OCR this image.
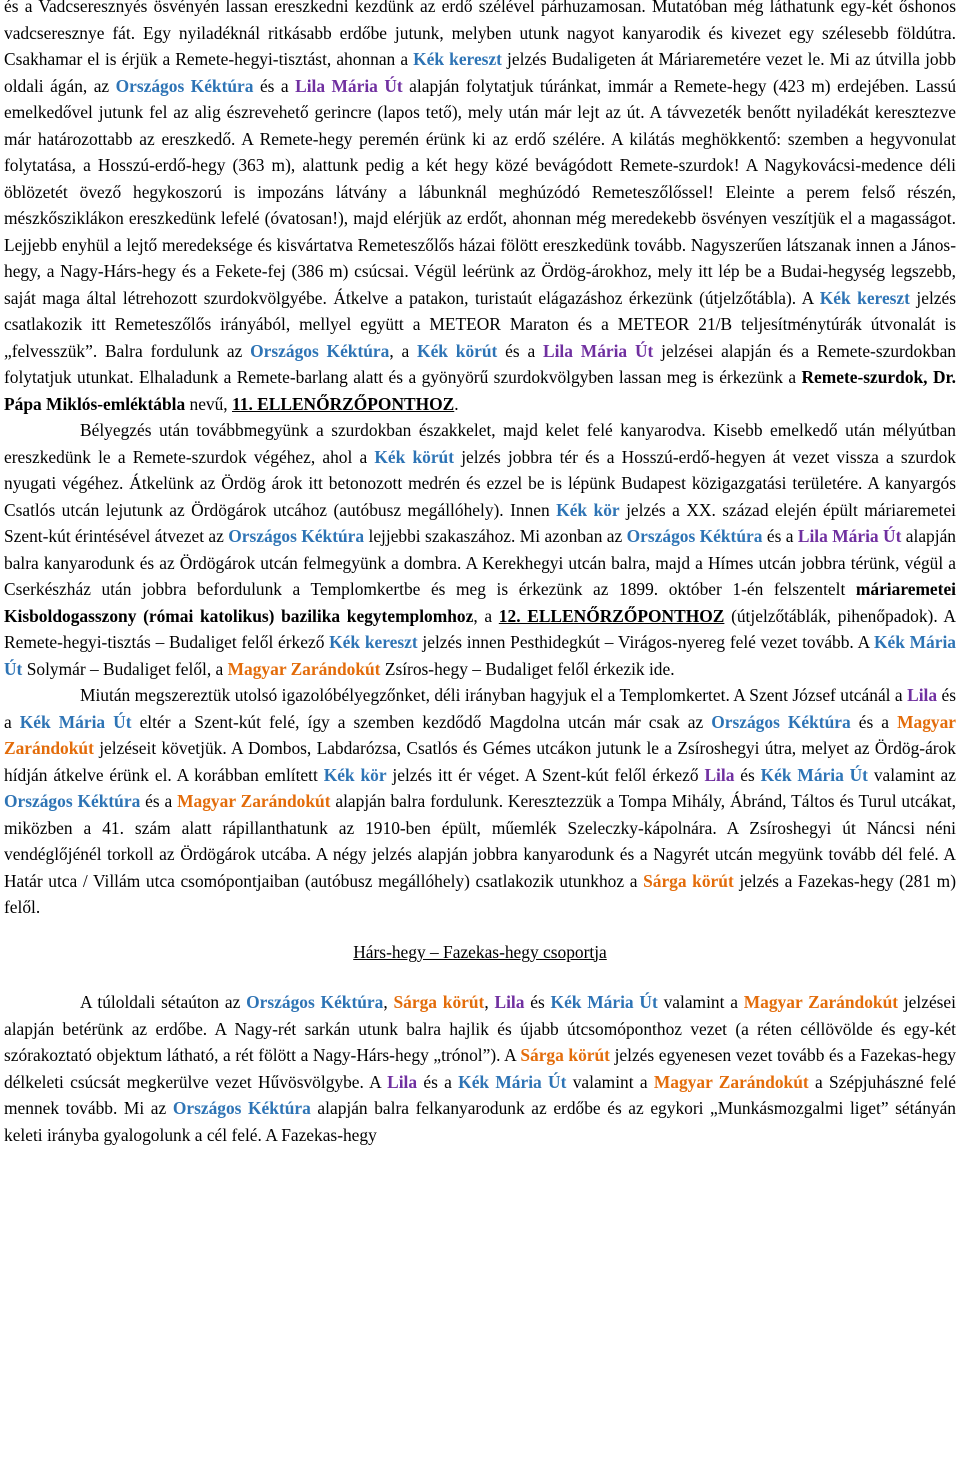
és a Vadcseresznyés ösvényén lassan ereszkedni kezdünk az erdő szélével párhuzamosan. Mutatóban még láthatunk egy-két őshonos vadcseresznye fát. Egy nyiladéknál ritkásabb erdőbe jutunk, melyben utunk nagyot kanyarodik és kivezet egy szélesebb földútra. Csakhamar el is érjük a Remete-hegyi-tisztást, ahonnan a Kék kereszt jelzés Budaligeten át Máriaremetére vezet le. Mi az útvilla jobb oldali ágán, az Országos Kéktúra és a Lila Mária Út alapján folytatjuk túránkat, immár a Remete-hegy (423 m) erdejében. Lassú emelkedővel jutunk fel az alig észrevehető gerincre (lapos tető), mely után már lejt az út. A távvezeték benőtt nyiladékát keresztezve már határozottabb az ereszkedő. A Remete-hegy peremén érünk ki az erdő szélére. A kilátás meghökkentő: szemben a hegyvonulat folytatása, a Hosszú-erdő-hegy (363 m), alattunk pedig a két hegy közé bevágódott Remete-szurdok! A Nagykovácsi-medence déli öblözetét övező hegykoszorú is impozáns látvány a lábunknál meghúzódó Remeteszőlőssel! Eleinte a perem felső részén, mészkősziklákon ereszkedünk lefelé (óvatosan!), majd elérjük az erdőt, ahonnan még meredekebb ösvényen veszítjük el a magasságot. Lejjebb enyhül a lejtő meredeksége és kisvártatva Remeteszőlős házai fölött ereszkedünk tovább. Nagyszerűen látszanak innen a János-hegy, a Nagy-Hárs-hegy és a Fekete-fej (386 m) csúcsai. Végül leérünk az Ördög-árokhoz, mely itt lép be a Budai-hegység legszebb, saját maga által létrehozott szurdokvölgyébe. Átkelve a patakon, turistaút elágazáshoz érkezünk (útjelzőtábla). A Kék kereszt jelzés csatlakozik itt Remeteszőlős irányából, mellyel együtt a METEOR Maraton és a METEOR 21/B teljesítménytúrák útvonalát is „felvesszük”. Balra fordulunk az Országos Kéktúra, a Kék körút és a Lila Mária Út jelzései alapján és a Remete-szurdokban folytatjuk utunkat. Elhaladunk a Remete-barlang alatt és a gyönyörű szurdokvölgyben lassan meg is érkezünk a Remete-szurdok, Dr. Pápa Miklós-emléktábla nevű, 11. ELLENŐRZŐPONTHOZ.

Bélyegzés után továbbmegyünk a szurdokban északkelet, majd kelet felé kanyarodva. Kisebb emelkedő után mélyútban ereszkedünk le a Remete-szurdok végéhez, ahol a Kék körút jelzés jobbra tér és a Hosszú-erdő-hegyen át vezet vissza a szurdok nyugati végéhez. Átkelünk az Ördög árok itt betonozott medrén és ezzel be is lépünk Budapest közigazgatási területére. A kanyargós Csatlós utcán lejutunk az Ördögárok utcához (autóbusz megállóhely). Innen Kék kör jelzés a XX. század elején épült máriaremetei Szent-kút érintésével átvezet az Országos Kéktúra lejjebbi szakaszához. Mi azonban az Országos Kéktúra és a Lila Mária Út alapján balra kanyarodunk és az Ördögárok utcán felmegyünk a dombra. A Kerekhegyi utcán balra, majd a Hímes utcán jobbra térünk, végül a Cserkészház után jobbra befordulunk a Templomkertbe és meg is érkezünk az 1899. október 1-én felszentelt máriaremetei Kisboldogasszony (római katolikus) bazilika kegytemplomhoz, a 12. ELLENŐRZŐPONTHOZ (útjelzőtáblák, pihenőpadok). A Remete-hegyi-tisztás – Budaliget felől érkező Kék kereszt jelzés innen Pesthidegkút – Virágos-nyereg felé vezet tovább. A Kék Mária Út Solymár – Budaliget felől, a Magyar Zarándokút Zsíros-hegy – Budaliget felől érkezik ide.

Miután megszereztük utolsó igazolóbélyegzőnket, déli irányban hagyjuk el a Templomkertet. A Szent József utcánál a Lila és a Kék Mária Út eltér a Szent-kút felé, így a szemben kezdődő Magdolna utcán már csak az Országos Kéktúra és a Magyar Zarándokút jelzéseit követjük. A Dombos, Labdarózsa, Csatlós és Gémes utcákon jutunk le a Zsíroshegyi útra, melyet az Ördög-árok hídján átkelve érünk el. A korábban említett Kék kör jelzés itt ér véget. A Szent-kút felől érkező Lila és Kék Mária Út valamint az Országos Kéktúra és a Magyar Zarándokút alapján balra fordulunk. Keresztezzük a Tompa Mihály, Ábránd, Táltos és Turul utcákat, miközben a 41. szám alatt rápillanthatunk az 1910-ben épült, műemlék Szeleczky-kápolnára. A Zsíroshegyi út Náncsi néni vendéglőjénél torkoll az Ördögárok utcába. A négy jelzés alapján jobbra kanyarodunk és a Nagyrét utcán megyünk tovább dél felé. A Határ utca / Villám utca csomópontjaiban (autóbusz megállóhely) csatlakozik utunkhoz a Sárga körút jelzés a Fazekas-hegy (281 m) felől.

Hárs-hegy – Fazekas-hegy csoportja

A túloldali sétaúton az Országos Kéktúra, Sárga körút, Lila és Kék Mária Út valamint a Magyar Zarándokút jelzései alapján betérünk az erdőbe. A Nagy-rét sarkán utunk balra hajlik és újabb útcsomóponthoz vezet (a réten céllövölde és egy-két szórakoztató objektum látható, a rét fölött a Nagy-Hárs-hegy „trónol”). A Sárga körút jelzés egyenesen vezet tovább és a Fazekas-hegy délkeleti csúcsát megkerülve vezet Hűvösvölgybe. A Lila és a Kék Mária Út valamint a Magyar Zarándokút a Szépjuhászné felé mennek tovább. Mi az Országos Kéktúra alapján balra felkanyarodunk az erdőbe és az egykori „Munkásmozgalmi liget” sétányán keleti irányba gyalogolunk a cél felé. A Fazekas-hegy
